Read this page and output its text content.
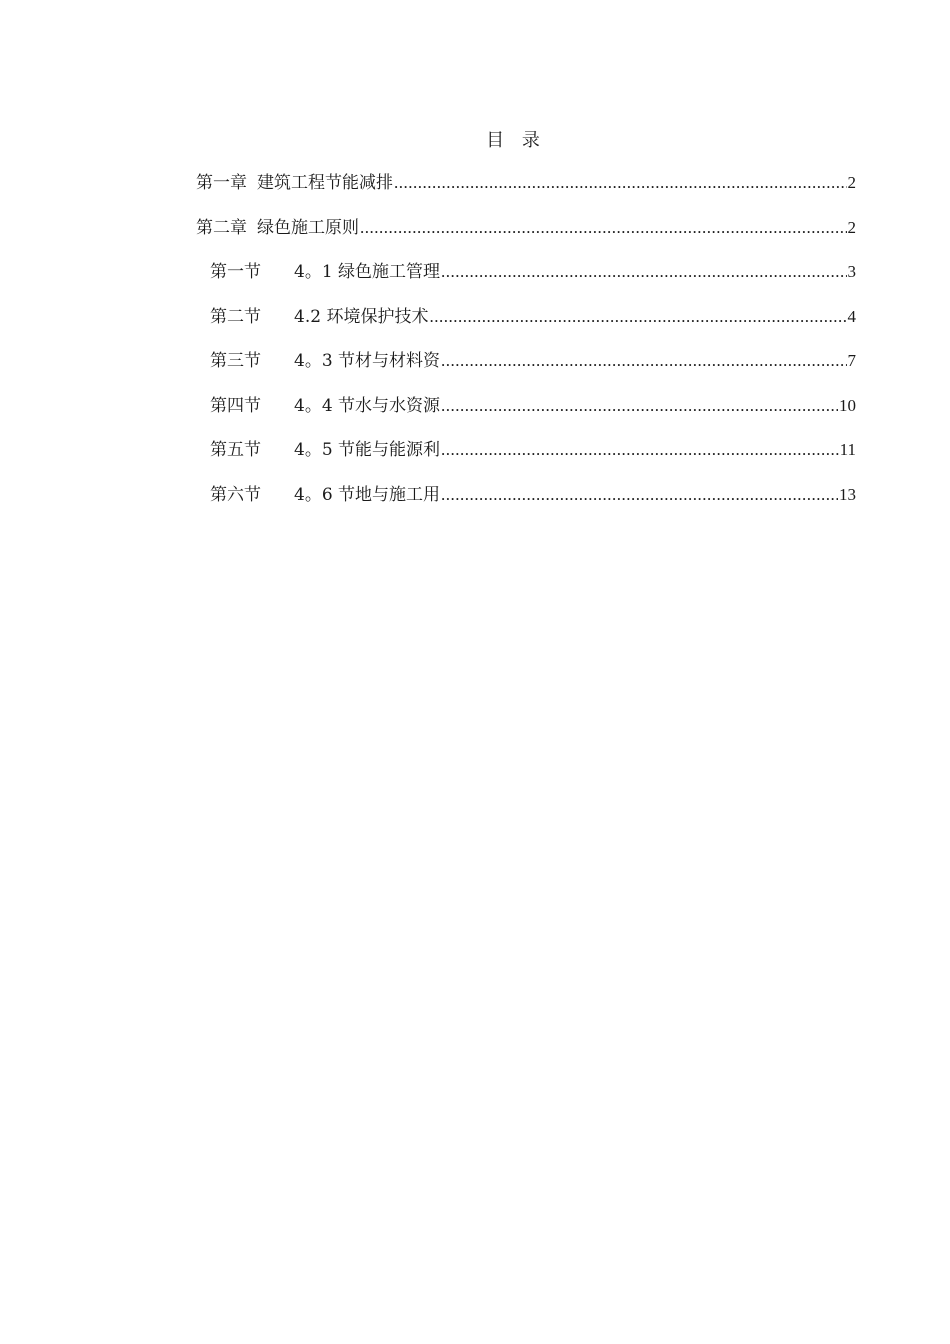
目 录
第一章 建筑工程节能减排 .....	2
第二章 绿色施工原则 .....	2
第一节 4。1 绿色施工管理 .....	3
第二节 4.2 环境保护技术 .....	4
第三节 4。3 节材与材料资 .....	7
第四节 4。4 节水与水资源 .....	10
第五节 4。5 节能与能源利 .....	11
第六节 4。6 节地与施工用 .....	13
